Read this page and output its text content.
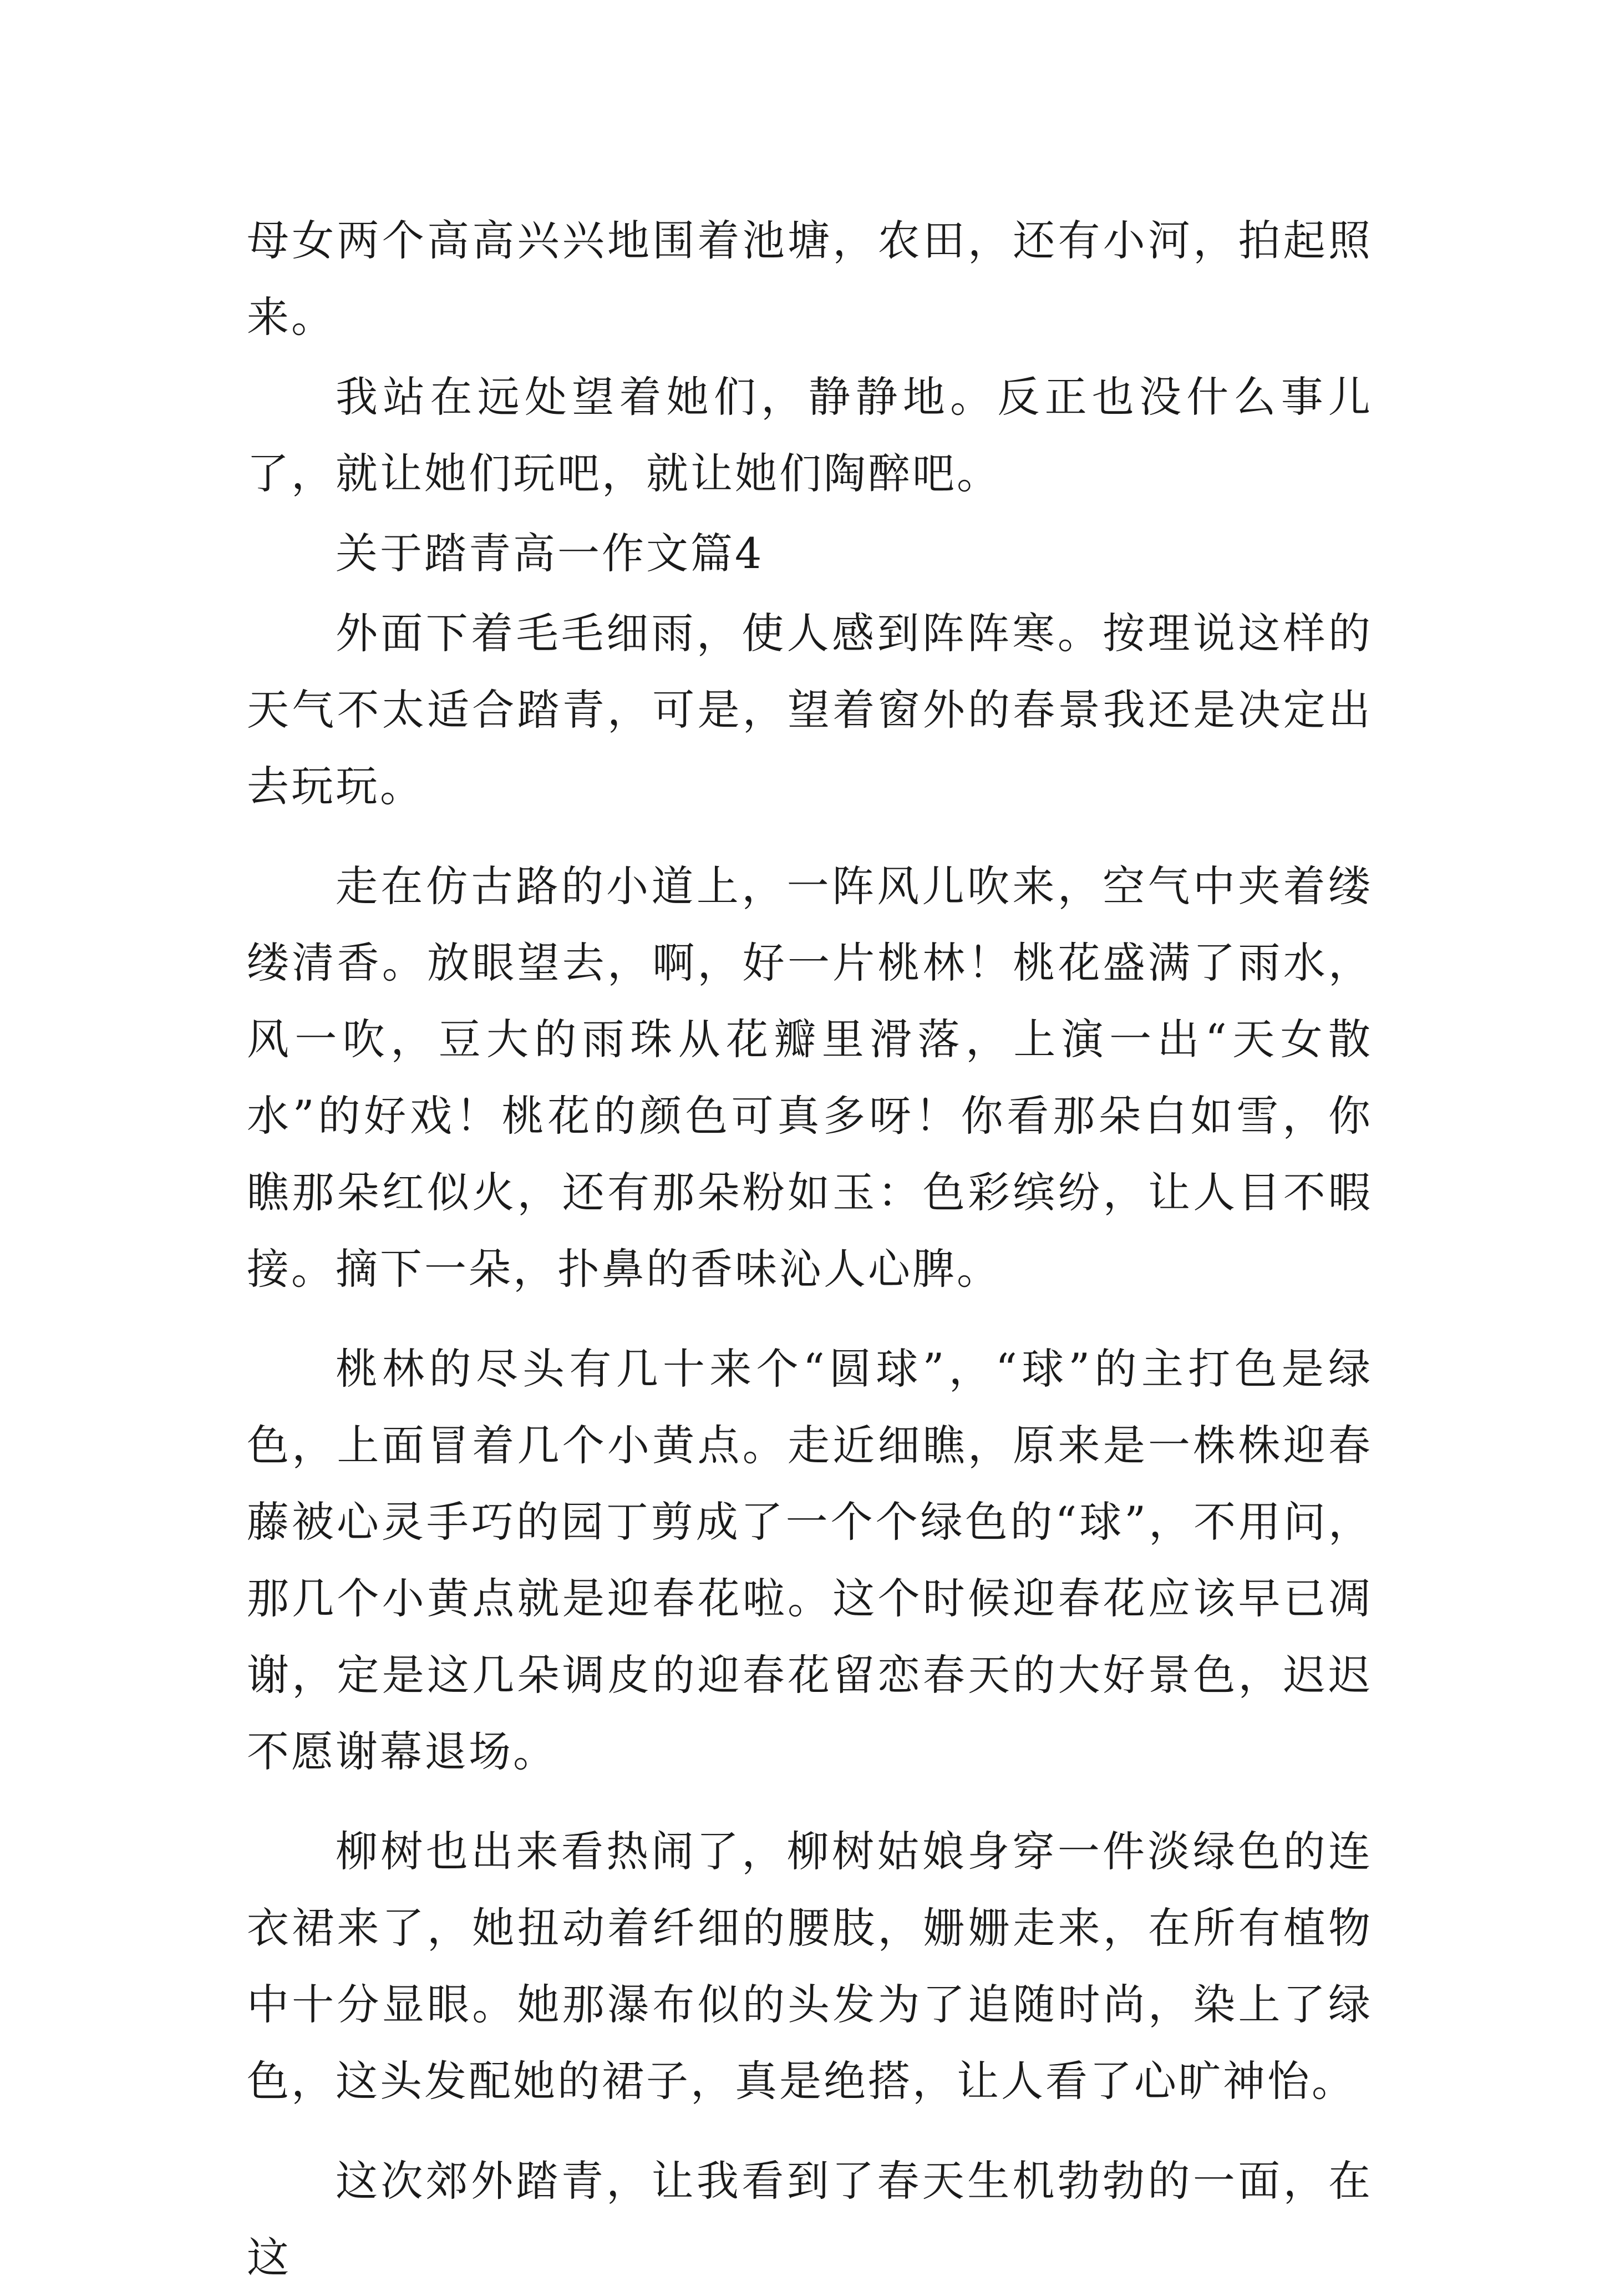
母女两个高高兴兴地围着池塘，农田，还有小河，拍起照来。

我站在远处望着她们，静静地。反正也没什么事儿了，就让她们玩吧，就让她们陶醉吧。

关于踏青高一作文篇4

外面下着毛毛细雨，使人感到阵阵寒。按理说这样的天气不太适合踏青，可是，望着窗外的春景我还是决定出去玩玩。

走在仿古路的小道上，一阵风儿吹来，空气中夹着缕缕清香。放眼望去，啊，好一片桃林！桃花盛满了雨水，风一吹，豆大的雨珠从花瓣里滑落，上演一出“天女散水”的好戏！桃花的颜色可真多呀！你看那朵白如雪，你瞧那朵红似火，还有那朵粉如玉：色彩缤纷，让人目不暇接。摘下一朵，扑鼻的香味沁人心脾。

桃林的尽头有几十来个“圆球”，“球”的主打色是绿色，上面冒着几个小黄点。走近细瞧，原来是一株株迎春藤被心灵手巧的园丁剪成了一个个绿色的“球”，不用问，那几个小黄点就是迎春花啦。这个时候迎春花应该早已凋谢，定是这几朵调皮的迎春花留恋春天的大好景色，迟迟不愿谢幕退场。

柳树也出来看热闹了，柳树姑娘身穿一件淡绿色的连衣裙来了，她扭动着纤细的腰肢，姗姗走来，在所有植物中十分显眼。她那瀑布似的头发为了追随时尚，染上了绿色，这头发配她的裙子，真是绝搭，让人看了心旷神怡。

这次郊外踏青，让我看到了春天生机勃勃的一面，在这
